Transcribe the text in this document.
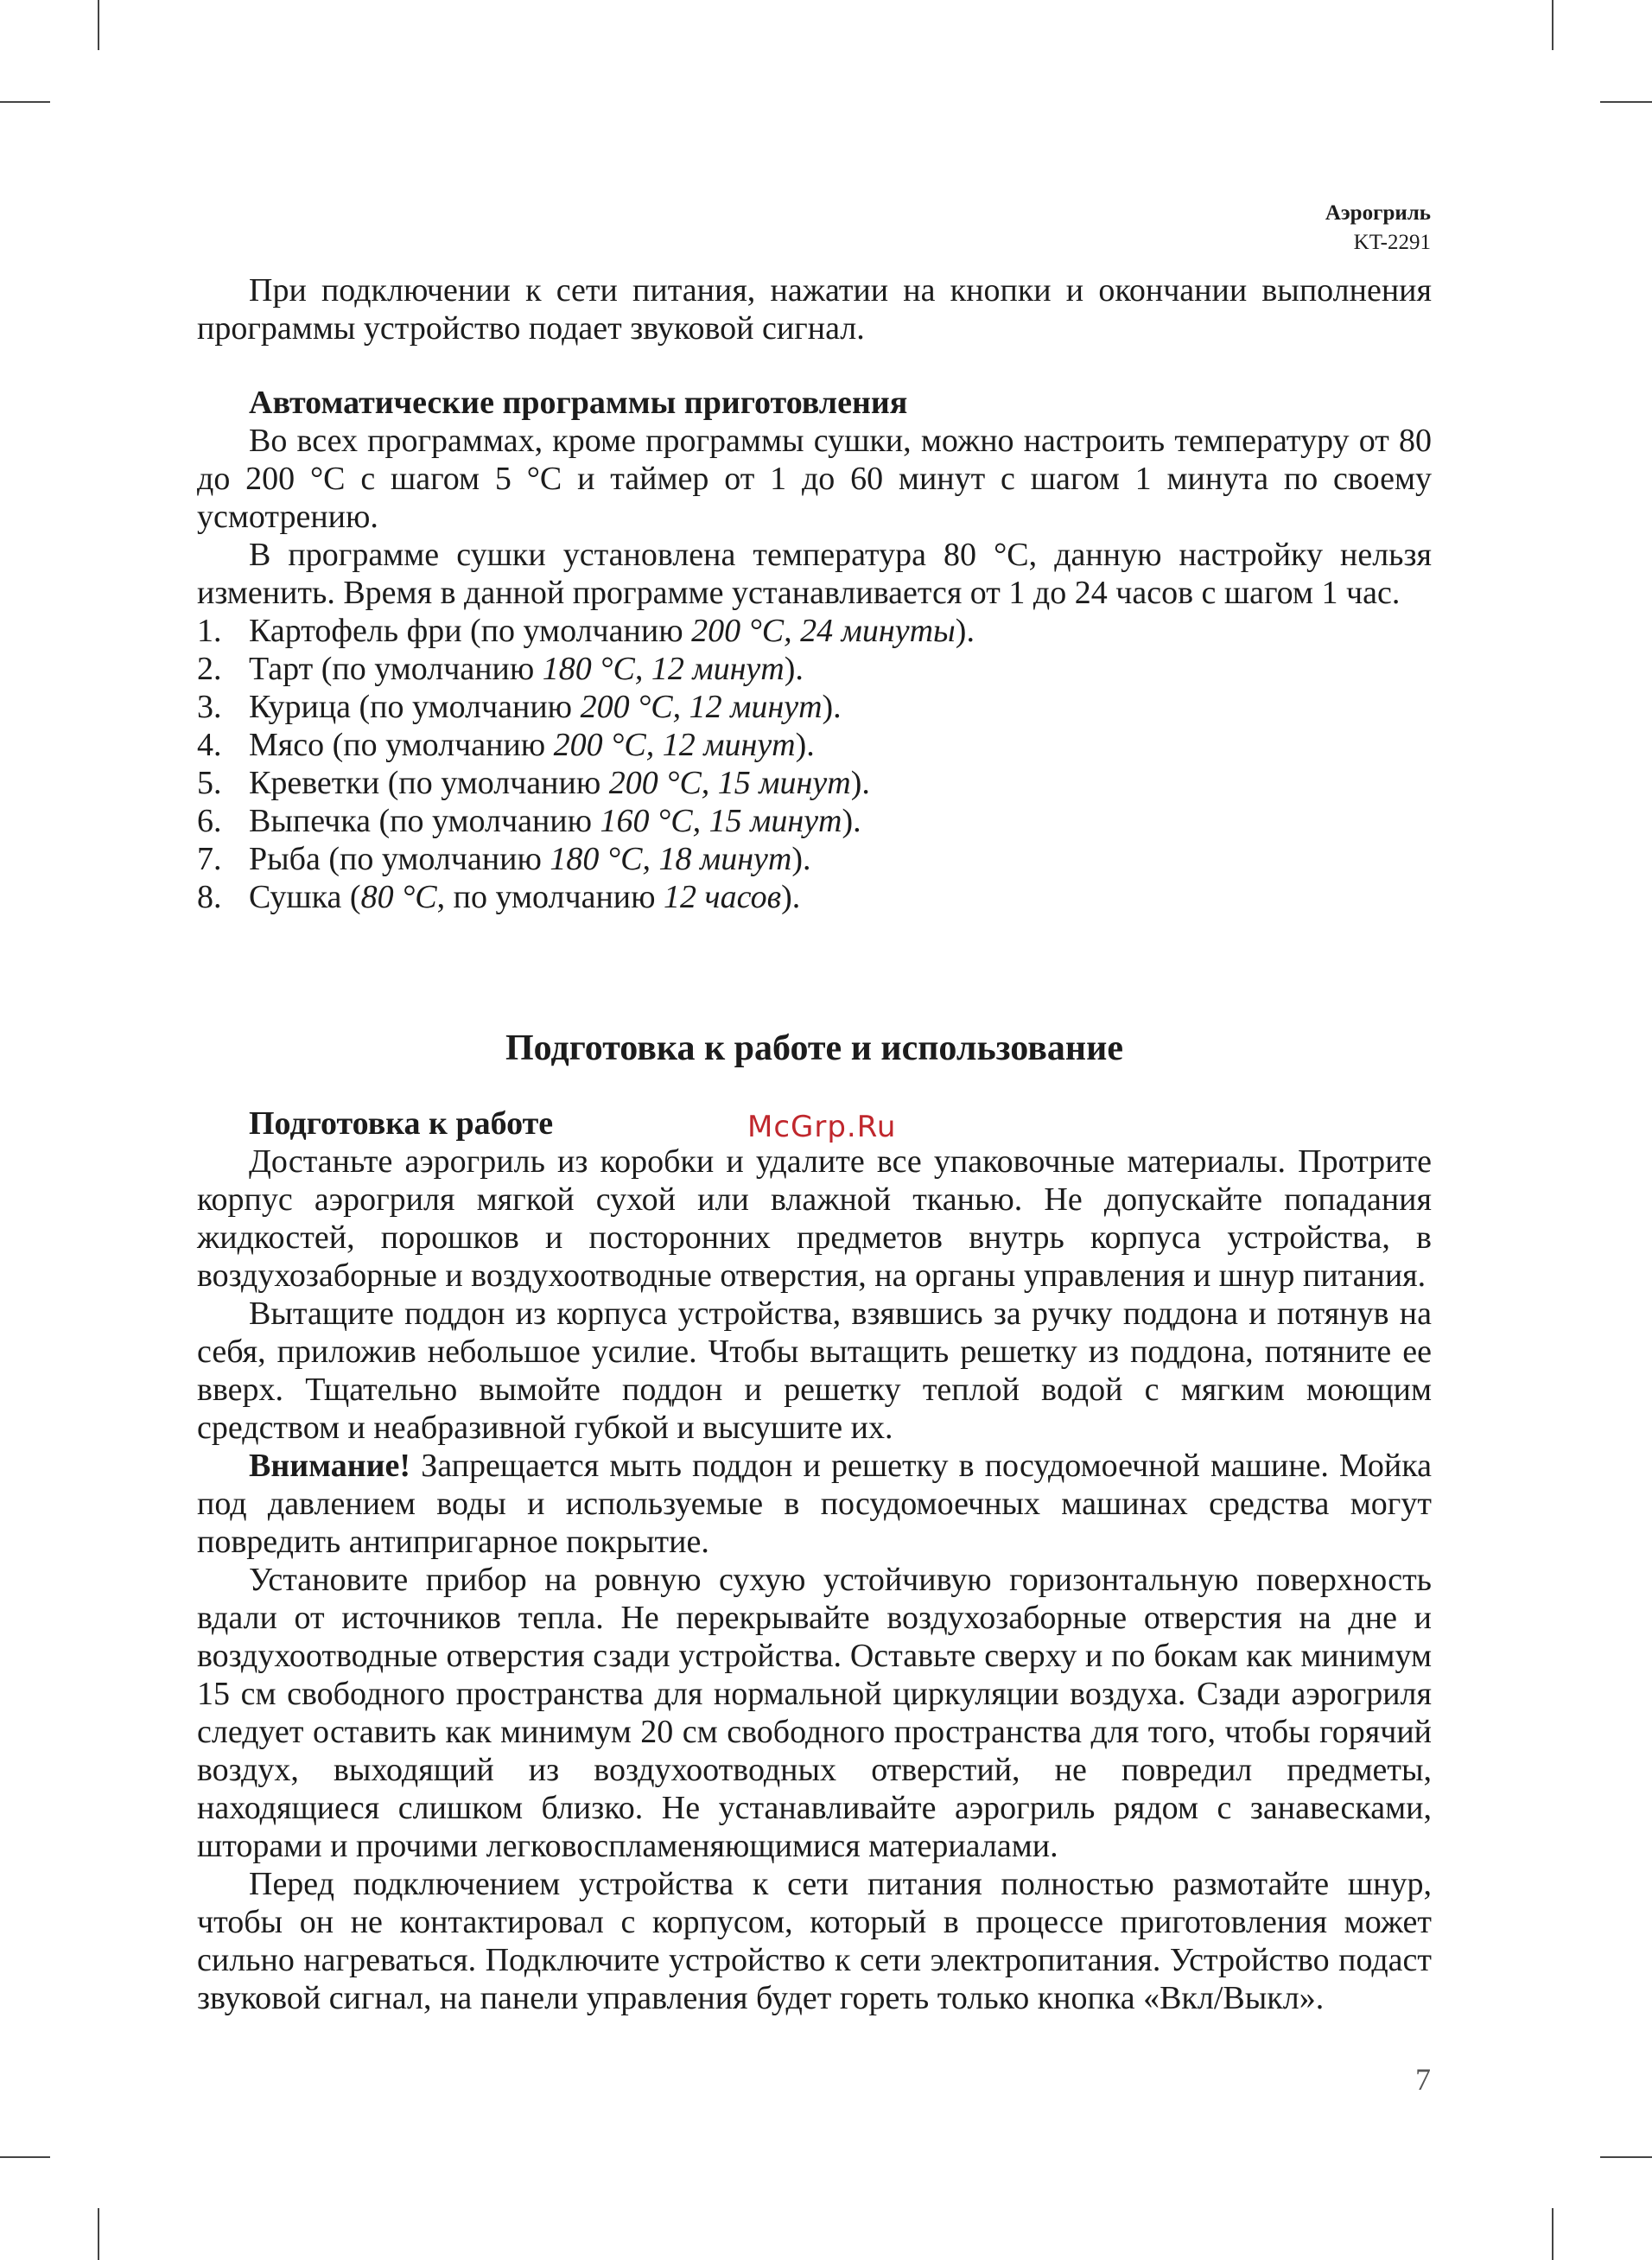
Аэрогриль
KT-2291

При подключении к сети питания, нажатии на кнопки и окончании выполнения программы устройство подает звуковой сигнал.

Автоматические программы приготовления

Во всех программах, кроме программы сушки, можно настроить температуру от 80 до 200 °С с шагом 5 °С и таймер от 1 до 60 минут с шагом 1 минута по своему усмотрению.

В программе сушки установлена температура 80 °С, данную настройку нельзя изменить. Время в данной программе устанавливается от 1 до 24 часов с шагом 1 час.

1. Картофель фри (по умолчанию 200 °С, 24 минуты).
2. Тарт (по умолчанию 180 °С, 12 минут).
3. Курица (по умолчанию 200 °С, 12 минут).
4. Мясо (по умолчанию 200 °С, 12 минут).
5. Креветки (по умолчанию 200 °С, 15 минут).
6. Выпечка (по умолчанию 160 °С, 15 минут).
7. Рыба (по умолчанию 180 °С, 18 минут).
8. Сушка (80 °С, по умолчанию 12 часов).
Подготовка к работе и использование

Подготовка к работе

Достаньте аэрогриль из коробки и удалите все упаковочные материалы. Протрите корпус аэрогриля мягкой сухой или влажной тканью. Не допускайте попадания жидкостей, порошков и посторонних предметов внутрь корпуса устройства, в воздухозаборные и воздухоотводные отверстия, на органы управления и шнур питания.

Вытащите поддон из корпуса устройства, взявшись за ручку поддона и потянув на себя, приложив небольшое усилие. Чтобы вытащить решетку из поддона, потяните ее вверх. Тщательно вымойте поддон и решетку теплой водой с мягким моющим средством и неабразивной губкой и высушите их.

Внимание! Запрещается мыть поддон и решетку в посудомоечной машине. Мойка под давлением воды и используемые в посудомоечных машинах средства могут повредить антипригарное покрытие.

Установите прибор на ровную сухую устойчивую горизонтальную поверхность вдали от источников тепла. Не перекрывайте воздухозаборные отверстия на дне и воздухоотводные отверстия сзади устройства. Оставьте сверху и по бокам как минимум 15 см свободного пространства для нормальной циркуляции воздуха. Сзади аэрогриля следует оставить как минимум 20 см свободного пространства для того, чтобы горячий воздух, выходящий из воздухоотводных отверстий, не повредил предметы, находящиеся слишком близко. Не устанавливайте аэрогриль рядом с занавесками, шторами и прочими легковоспламеняющимися материалами.

Перед подключением устройства к сети питания полностью размотайте шнур, чтобы он не контактировал с корпусом, который в процессе приготовления может сильно нагреваться. Подключите устройство к сети электропитания. Устройство подаст звуковой сигнал, на панели управления будет гореть только кнопка «Вкл/Выкл».

McGrp.Ru
7
